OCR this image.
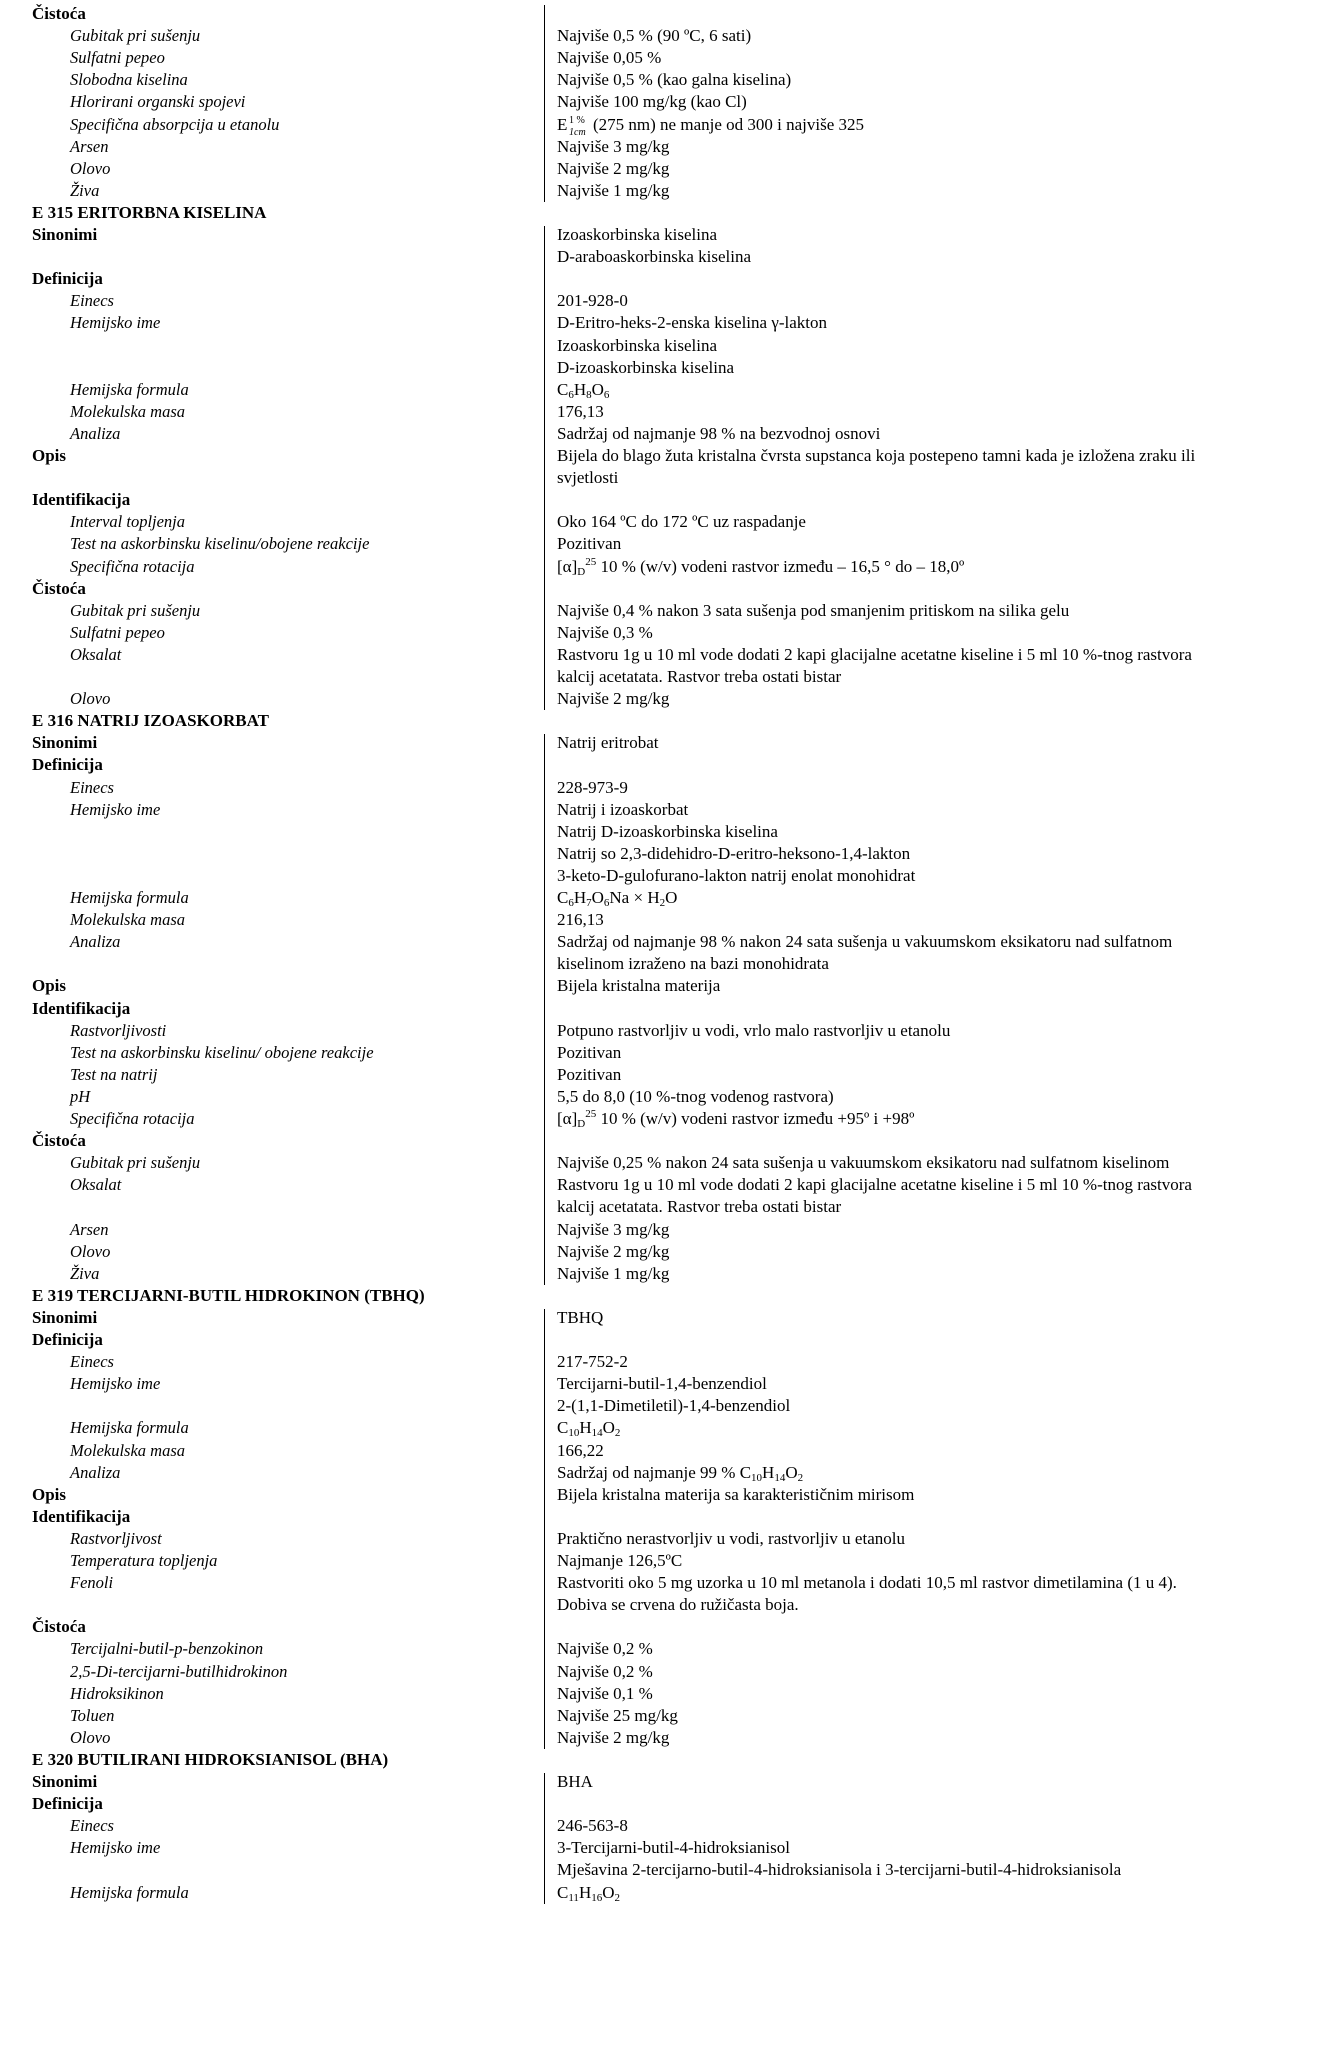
Čistoća
Gubitak pri sušenju	Najviše 0,5 % (90 ºC, 6 sati)
Sulfatni pepeo	Najviše 0,05 %
Slobodna kiselina	Najviše 0,5 % (kao galna kiselina)
Hlorirani organski spojevi	Najviše 100 mg/kg (kao Cl)
Specifična absorpcija u etanolu	E 1 %
1cm (275 nm) ne manje od 300 i najviše 325
Arsen	Najviše 3 mg/kg
Olovo	Najviše 2 mg/kg
Živa	Najviše 1 mg/kg
E 315 ERITORBNA KISELINA
Sinonimi	Izoaskorbinska kiselina
D-araboaskorbinska kiselina
Definicija
Einecs	201-928-0
Hemijsko ime	D-Eritro-heks-2-enska kiselina γ-lakton
Izoaskorbinska kiselina
D-izoaskorbinska kiselina
Hemijska formula	$C_6H_8O_6$
Molekulska masa	176,13
Analiza	Sadržaj od najmanje 98 % na bezvodnoj osnovi
Opis	Bijela do blago žuta kristalna čvrsta supstanca koja postepeno tamni kada je izložena zraku ili
svjetlosti
Identifikacija
Interval topljenja	Oko 164 ºC do 172 ºC uz raspadanje
Test na askorbinsku kiselinu/obojene reakcije	Pozitivan
Specifična rotacija	$[\alpha]_D^{25}$ 10 % (w/v) vodeni rastvor između – 16,5 ° do – 18,0º
Čistoća
Gubitak pri sušenju	Najviše 0,4 % nakon 3 sata sušenja pod smanjenim pritiskom na silika gelu
Sulfatni pepeo	Najviše 0,3 %
Oksalat	Rastvoru 1g u 10 ml vode dodati 2 kapi glacijalne acetatne kiseline i 5 ml 10 %-tnog rastvora
kalcij acetatata. Rastvor treba ostati bistar
Olovo	Najviše 2 mg/kg
E 316 NATRIJ IZOASKORBAT
Sinonimi	Natrij eritrobat
Definicija
Einecs	228-973-9
Hemijsko ime	Natrij i izoaskorbat
Natrij D-izoaskorbinska kiselina
Natrij so 2,3-didehidro-D-eritro-heksono-1,4-lakton
3-keto-D-gulofurano-lakton natrij enolat monohidrat
Hemijska formula	$C_6H_7O_6Na \times H_2O$
Molekulska masa	216,13
Analiza	Sadržaj od najmanje 98 % nakon 24 sata sušenja u vakuumskom eksikatoru nad sulfatnom
kiselinom izraženo na bazi monohidrata
Opis	Bijela kristalna materija
Identifikacija
Rastvorljivosti	Potpuno rastvorljiv u vodi, vrlo malo rastvorljiv u etanolu
Test na askorbinsku kiselinu/ obojene reakcije	Pozitivan
Test na natrij	Pozitivan
pH	5,5 do 8,0 (10 %-tnog vodenog rastvora)
Specifična rotacija	$[\alpha]_D^{25}$ 10 % (w/v) vodeni rastvor između +95º i +98º
Čistoća
Gubitak pri sušenju	Najviše 0,25 % nakon 24 sata sušenja u vakuumskom eksikatoru nad sulfatnom kiselinom
Oksalat	Rastvoru 1g u 10 ml vode dodati 2 kapi glacijalne acetatne kiseline i 5 ml 10 %-tnog rastvora
kalcij acetatata. Rastvor treba ostati bistar
Arsen	Najviše 3 mg/kg
Olovo	Najviše 2 mg/kg
Živa	Najviše 1 mg/kg
E 319 TERCIJARNI-BUTIL HIDROKINON (TBHQ)
Sinonimi	TBHQ
Definicija
Einecs	217-752-2
Hemijsko ime	Tercijarni-butil-1,4-benzendiol
2-(1,1-Dimetiletil)-1,4-benzendiol
Hemijska formula	$C_{10}H_{14}O_2$
Molekulska masa	166,22
Analiza	Sadržaj od najmanje 99 % $C_{10}H_{14}O_2$
Opis	Bijela kristalna materija sa karakterističnim mirisom
Identifikacija
Rastvorljivost	Praktično nerastvorljiv u vodi, rastvorljiv u etanolu
Temperatura topljenja	Najmanje 126,5ºC
Fenoli	Rastvoriti oko 5 mg uzorka u 10 ml metanola i dodati 10,5 ml rastvor dimetilamina (1 u 4).
Dobiva se crvena do ružičasta boja.
Čistoća
Tercijalni-butil-p-benzokinon	Najviše 0,2 %
2,5-Di-tercijarni-butilhidrokinon	Najviše 0,2 %
Hidroksikinon	Najviše 0,1 %
Toluen	Najviše 25 mg/kg
Olovo	Najviše 2 mg/kg
E 320 BUTILIRANI HIDROKSIANISOL (BHA)
Sinonimi	BHA
Definicija
Einecs	246-563-8
Hemijsko ime	3-Tercijarni-butil-4-hidroksianisol
Mješavina 2-tercijarno-butil-4-hidroksianisola i 3-tercijarni-butil-4-hidroksianisola
Hemijska formula	$C_{11}H_{16}O_2$
